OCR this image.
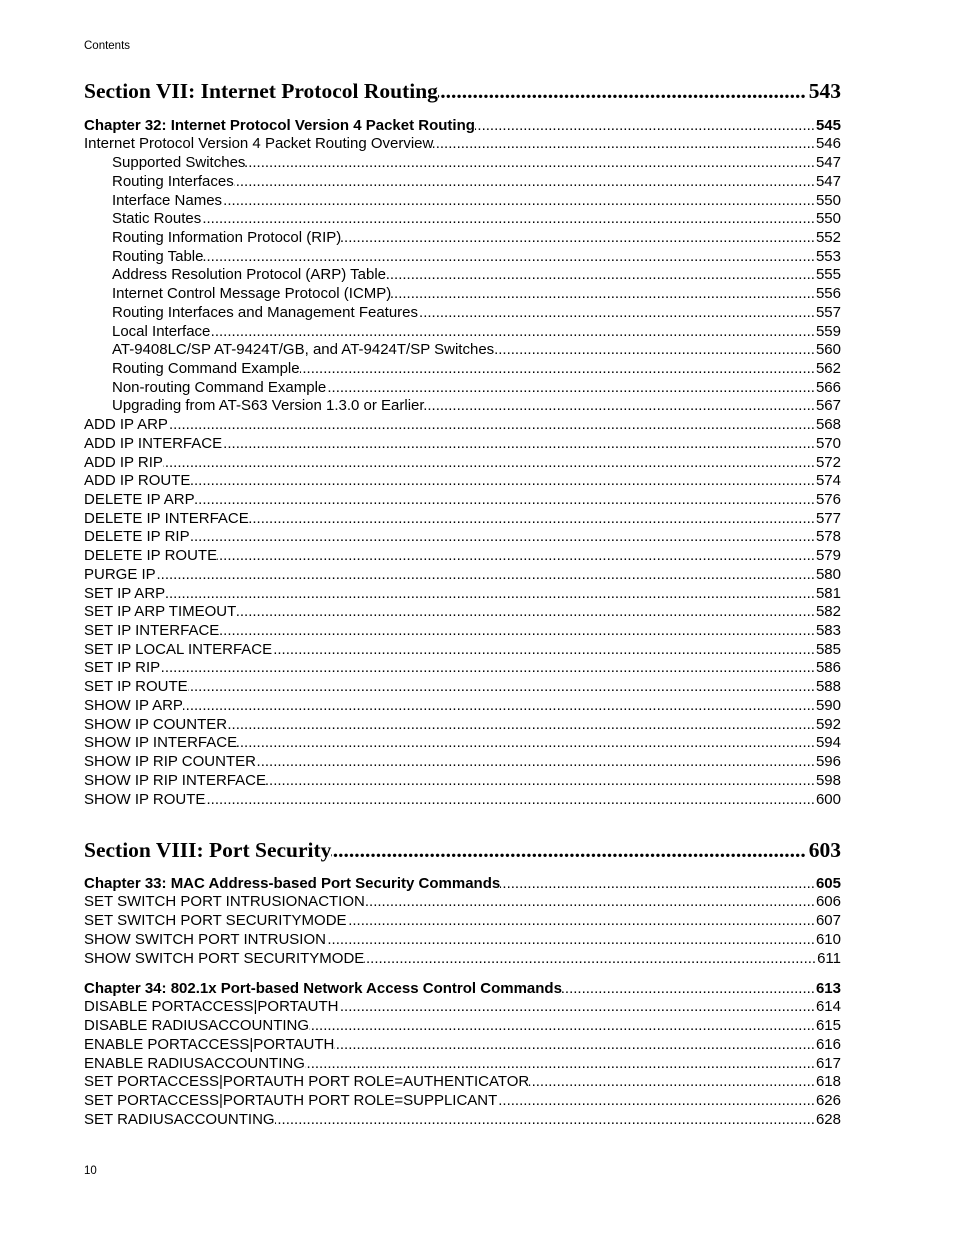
Contents
Section VII: Internet Protocol Routing .....	543
Chapter 32: Internet Protocol Version 4 Packet Routing .....	545
Internet Protocol Version 4 Packet Routing Overview .....	546
Supported Switches .....	547
Routing Interfaces .....	547
Interface Names .....	550
Static Routes .....	550
Routing Information Protocol (RIP) .....	552
Routing Table .....	553
Address Resolution Protocol (ARP) Table .....	555
Internet Control Message Protocol (ICMP) .....	556
Routing Interfaces and Management Features .....	557
Local Interface .....	559
AT-9408LC/SP AT-9424T/GB, and AT-9424T/SP Switches .....	560
Routing Command Example .....	562
Non-routing Command Example .....	566
Upgrading from AT-S63 Version 1.3.0 or Earlier .....	567
ADD IP ARP .....	568
ADD IP INTERFACE .....	570
ADD IP RIP .....	572
ADD IP ROUTE .....	574
DELETE IP ARP .....	576
DELETE IP INTERFACE .....	577
DELETE IP RIP .....	578
DELETE IP ROUTE .....	579
PURGE IP .....	580
SET IP ARP .....	581
SET IP ARP TIMEOUT .....	582
SET IP INTERFACE .....	583
SET IP LOCAL INTERFACE .....	585
SET IP RIP .....	586
SET IP ROUTE .....	588
SHOW IP ARP .....	590
SHOW IP COUNTER .....	592
SHOW IP INTERFACE .....	594
SHOW IP RIP COUNTER .....	596
SHOW IP RIP INTERFACE .....	598
SHOW IP ROUTE .....	600
Section VIII: Port Security .....	603
Chapter 33: MAC Address-based Port Security Commands .....	605
SET SWITCH PORT INTRUSIONACTION .....	606
SET SWITCH PORT SECURITYMODE .....	607
SHOW SWITCH PORT INTRUSION .....	610
SHOW SWITCH PORT SECURITYMODE .....	611
Chapter 34: 802.1x Port-based Network Access Control Commands .....	613
DISABLE PORTACCESS|PORTAUTH .....	614
DISABLE RADIUSACCOUNTING .....	615
ENABLE PORTACCESS|PORTAUTH .....	616
ENABLE RADIUSACCOUNTING .....	617
SET PORTACCESS|PORTAUTH PORT ROLE=AUTHENTICATOR .....	618
SET PORTACCESS|PORTAUTH PORT ROLE=SUPPLICANT .....	626
SET RADIUSACCOUNTING .....	628
10
